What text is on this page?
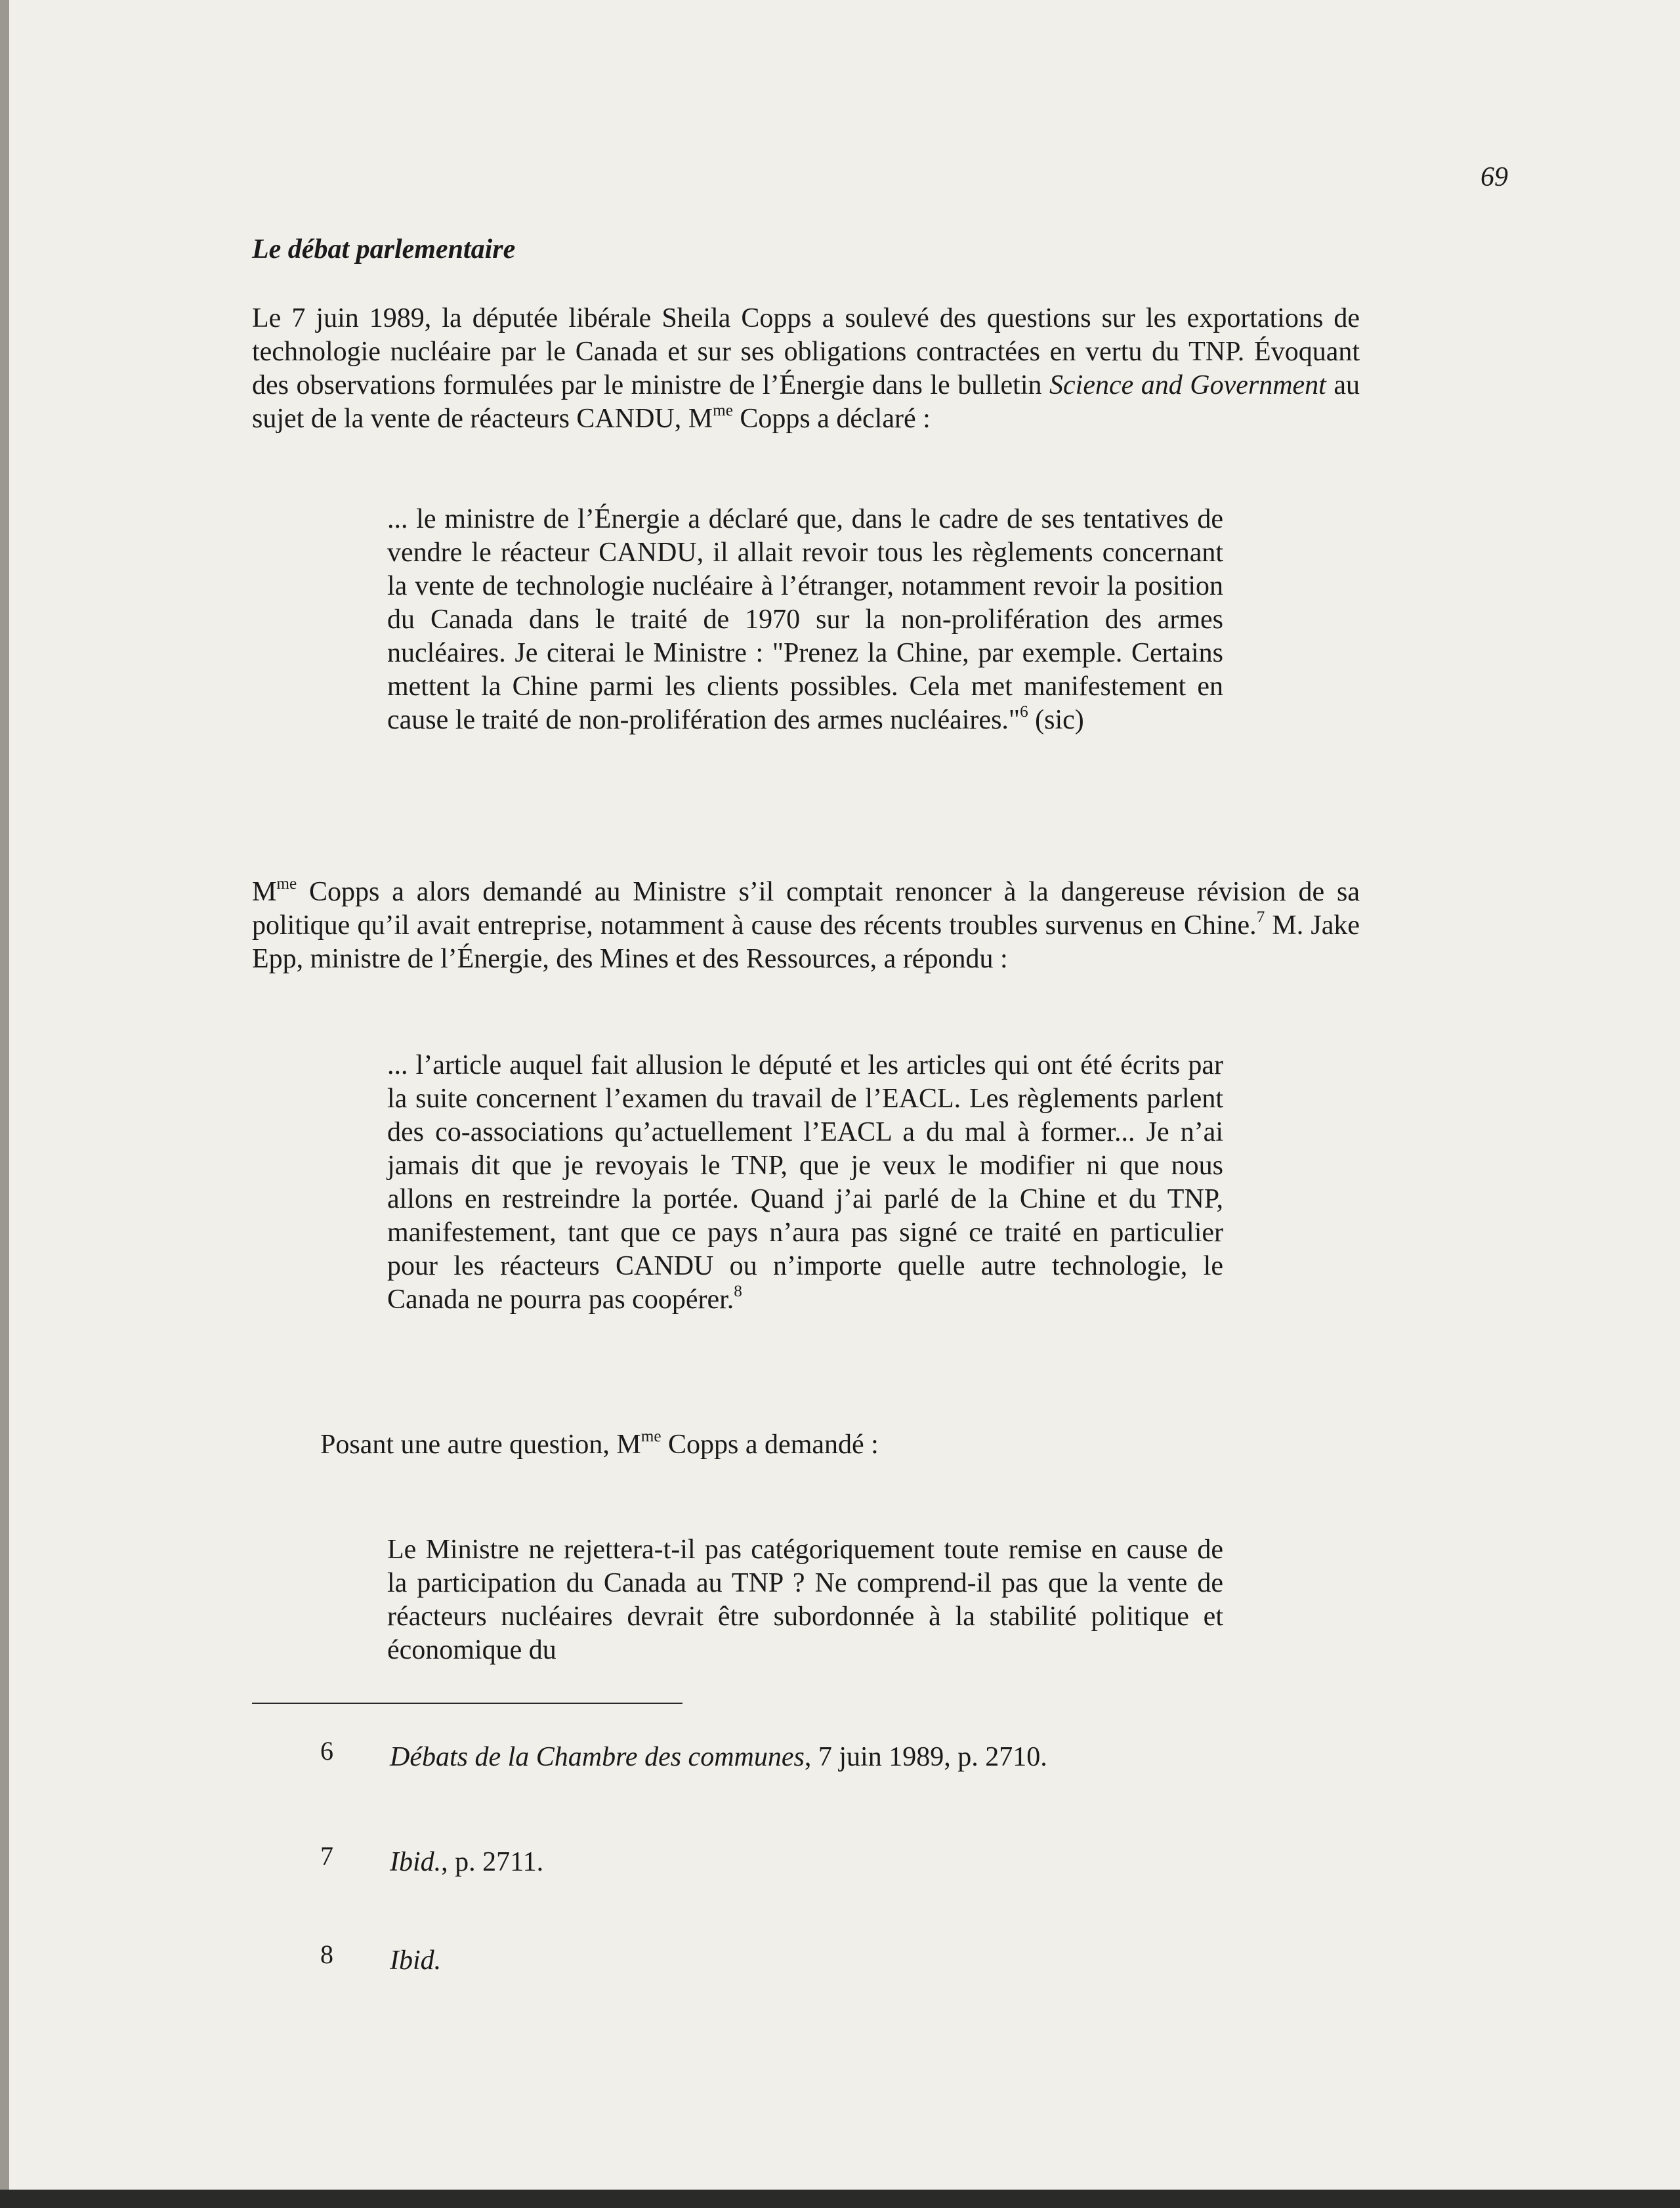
69
Le débat parlementaire

Le 7 juin 1989, la députée libérale Sheila Copps a soulevé des questions sur les exportations de technologie nucléaire par le Canada et sur ses obligations contractées en vertu du TNP. Évoquant des observations formulées par le ministre de l’Énergie dans le bulletin Science and Government au sujet de la vente de réacteurs CANDU, $M^{me}$ Copps a déclaré :

... le ministre de l’Énergie a déclaré que, dans le cadre de ses tentatives de vendre le réacteur CANDU, il allait revoir tous les règlements concernant la vente de technologie nucléaire à l’étranger, notamment revoir la position du Canada dans le traité de 1970 sur la non-prolifération des armes nucléaires. Je citerai le Ministre : "Prenez la Chine, par exemple. Certains mettent la Chine parmi les clients possibles. Cela met manifestement en cause le traité de non-prolifération des armes nucléaires."$^6$ (sic)

$M^{me}$ Copps a alors demandé au Ministre s’il comptait renoncer à la dangereuse révision de sa politique qu’il avait entreprise, notamment à cause des récents troubles survenus en Chine.$^7$ M. Jake Epp, ministre de l’Énergie, des Mines et des Ressources, a répondu :

... l’article auquel fait allusion le député et les articles qui ont été écrits par la suite concernent l’examen du travail de l’EACL. Les règlements parlent des co-associations qu’actuellement l’EACL a du mal à former... Je n’ai jamais dit que je revoyais le TNP, que je veux le modifier ni que nous allons en restreindre la portée. Quand j’ai parlé de la Chine et du TNP, manifestement, tant que ce pays n’aura pas signé ce traité en particulier pour les réacteurs CANDU ou n’importe quelle autre technologie, le Canada ne pourra pas coopérer.$^8$

Posant une autre question, $M^{me}$ Copps a demandé :

Le Ministre ne rejettera-t-il pas catégoriquement toute remise en cause de la participation du Canada au TNP ? Ne comprend-il pas que la vente de réacteurs nucléaires devrait être subordonnée à la stabilité politique et économique du

6 Débats de la Chambre des communes, 7 juin 1989, p. 2710.
7 Ibid., p. 2711.
8 Ibid.
